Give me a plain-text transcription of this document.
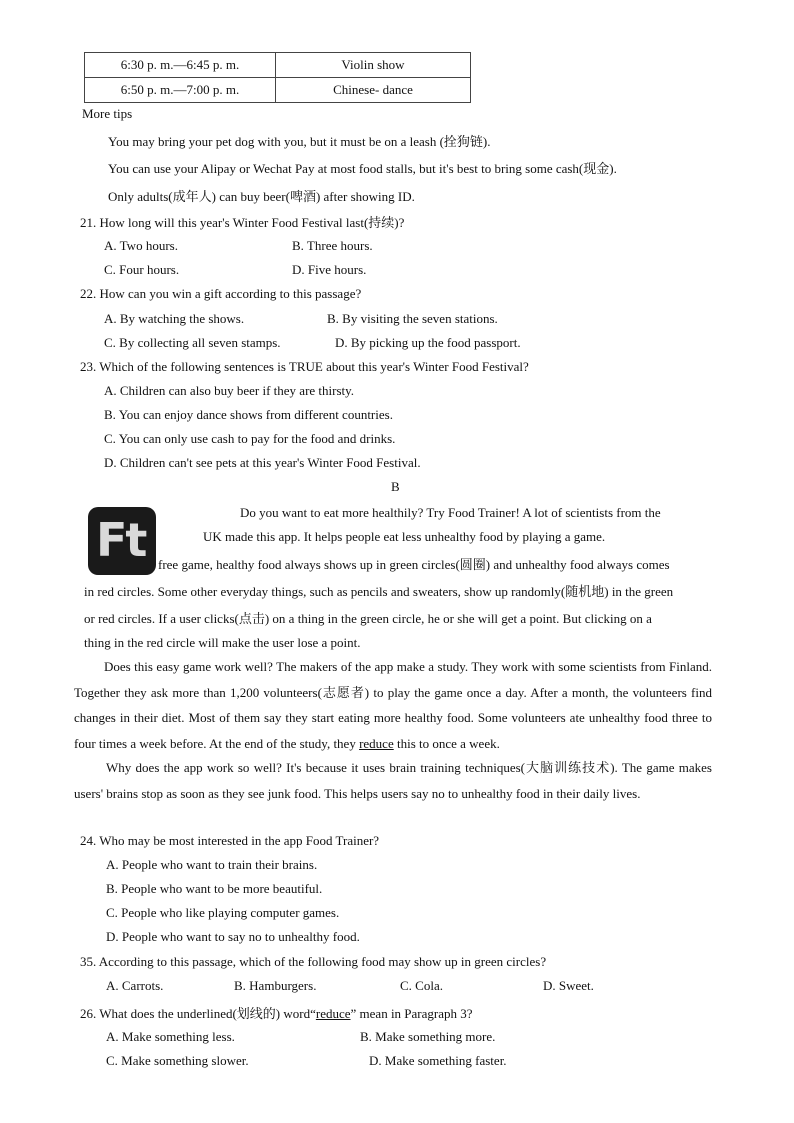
6:30 p. m.—6:45 p. m.	Violin show
6:50 p. m.—7:00 p. m.	Chinese- dance
More tips
You may bring your pet dog with you, but it must be on a leash (拴狗链).
You can use your Alipay or Wechat Pay at most food stalls, but it's best to bring some cash(现金).
Only adults(成年人) can buy beer(啤酒) after showing ID.
21. How long will this year's Winter Food Festival last(持续)?
A. Two hours.	B. Three hours.
C. Four hours.	D. Five hours.
22. How can you win a gift according to this passage?
A. By watching the shows.	B. By visiting the seven stations.
C. By collecting all seven stamps.	D. By picking up the food passport.
23. Which of the following sentences is TRUE about this year's Winter Food Festival?
A. Children can also buy beer if they are thirsty.
B. You can enjoy dance shows from different countries.
C. You can only use cash to pay for the food and drinks.
D. Children can't see pets at this year's Winter Food Festival.
B
Ft
Do you want to eat more healthily? Try Food Trainer! A lot of scientists from the
UK made this app. It helps people eat less unhealthy food by playing a game.
free game, healthy food always shows up in green circles(圆圈) and unhealthy food always comes
in red circles. Some other everyday things, such as pencils and sweaters, show up randomly(随机地) in the green
or red circles. If a user clicks(点击) on a thing in the green circle, he or she will get a point. But clicking on a
thing in the red circle will make the user lose a point.
Does this easy game work well? The makers of the app make a study. They work with some scientists from Finland. Together they ask more than 1,200 volunteers(志愿者) to play the game once a day. After a month, the volunteers find changes in their diet. Most of them say they start eating more healthy food. Some volunteers ate unhealthy food three to four times a week before. At the end of the study, they reduce this to once a week.
Why does the app work so well? It's because it uses brain training techniques(大脑训练技术). The game makes users' brains stop as soon as they see junk food. This helps users say no to unhealthy food in their daily lives.
24. Who may be most interested in the app Food Trainer?
A. People who want to train their brains.
B. People who want to be more beautiful.
C. People who like playing computer games.
D. People who want to say no to unhealthy food.
35. According to this passage, which of the following food may show up in green circles?
A. Carrots.	B. Hamburgers.	C. Cola.	D. Sweet.
26. What does the underlined(划线的) word“reduce” mean in Paragraph 3?
A. Make something less.	B. Make something more.
C. Make something slower.	D. Make something faster.
